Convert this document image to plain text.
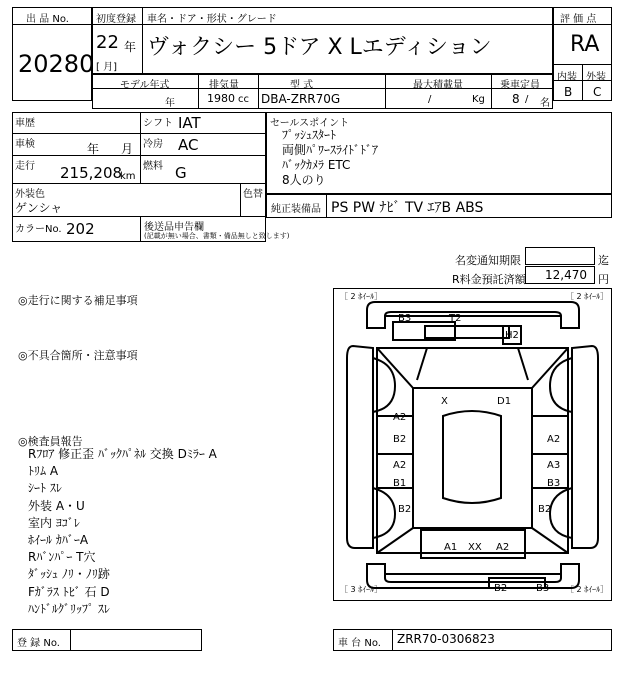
出 品 No.
20280
初度登録 車名・ドア・形状・グレード
22 年
[ 月]
ヴォクシー 5ドア X Lエディション
評 価 点
RA
内装 外装
B C
モデル年式	排気量	型 式	最大積載量	乗車定員
年	1980 cc DBA-ZRR70G	/	Kg 8 / 名
車歴
車検	年 月
走行 215,208
km
シフト IAT
冷房 AC
燃料 G
外装色
ゲンシャ
色替
カラーNo. 202	後送品申告欄
(記載が無い場合、書類・備品無しと致します)
セールスポイント
ﾌﾟｯｼｭｽﾀｰﾄ
両側ﾊﾟﾜｰｽﾗｲﾄﾞﾄﾞｱ
ﾊﾞｯｸｶﾒﾗ ETC
8人のり
純正装備品 PS PW ﾅﾋﾞ TV ｴｱB ABS
名変通知期限	迄
R料金預託済額 12,470 円
◎走行に関する補足事項
◎不具合箇所・注意事項
◎検査員報告
Rﾌﾛｱ 修正歪 ﾊﾞｯｸﾊﾟﾈﾙ 交換 Dﾐﾗｰ A
ﾄﾘﾑ A
ｼｰﾄ ｽﾚ
外装 A・U
室内 ﾖｺﾞﾚ
ﾎｲｰﾙ ｶﾊﾞｰA
Rﾊﾞﾝﾊﾟｰ T穴
ﾀﾞｯｼｭ ﾉﾘ・ﾉﾘ跡
Fｶﾞﾗｽ ﾄﾋﾞ 石 D
ﾊﾝﾄﾞﾙｸﾞﾘｯﾌﾟ ｽﾚ
［ 2 ﾎｲｰﾙ］	［ 2 ﾎｲｰﾙ］
［ 3 ﾎｲｰﾙ］	［ 2 ﾎｲｰﾙ］
B3	T2
H2
X	D1
A2
B2	A2
A2
B1
A3
B3
B2	B2
A1 XX A2
B2	B3
登 録 No.	車 台 No. ZRR70-0306823
